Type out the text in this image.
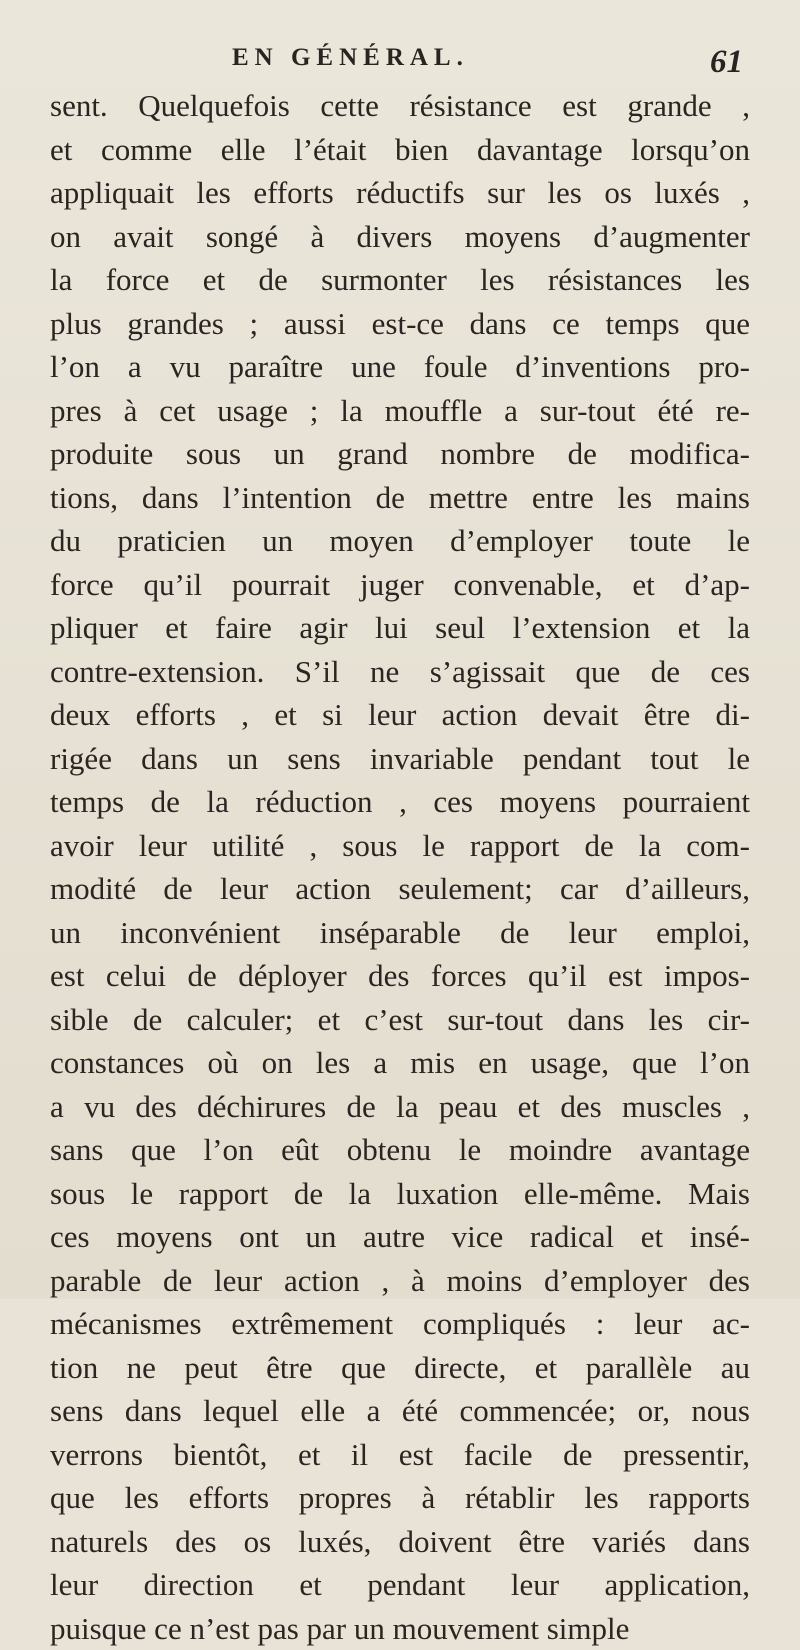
EN GÉNÉRAL.	61
sent. Quelquefois cette résistance est grande ,
et comme elle l’était bien davantage lorsqu’on
appliquait les efforts réductifs sur les os luxés ,
on avait songé à divers moyens d’augmenter
la force et de surmonter les résistances les
plus grandes ; aussi est-ce dans ce temps que
l’on a vu paraître une foule d’inventions pro-
pres à cet usage ; la mouffle a sur-tout été re-
produite sous un grand nombre de modifica-
tions, dans l’intention de mettre entre les mains
du praticien un moyen d’employer toute le
force qu’il pourrait juger convenable, et d’ap-
pliquer et faire agir lui seul l’extension et la
contre-extension. S’il ne s’agissait que de ces
deux efforts , et si leur action devait être di-
rigée dans un sens invariable pendant tout le
temps de la réduction , ces moyens pourraient
avoir leur utilité , sous le rapport de la com-
modité de leur action seulement; car d’ailleurs,
un inconvénient inséparable de leur emploi,
est celui de déployer des forces qu’il est impos-
sible de calculer; et c’est sur-tout dans les cir-
constances où on les a mis en usage, que l’on
a vu des déchirures de la peau et des muscles ,
sans que l’on eût obtenu le moindre avantage
sous le rapport de la luxation elle-même. Mais
ces moyens ont un autre vice radical et insé-
parable de leur action , à moins d’employer des
mécanismes extrêmement compliqués : leur ac-
tion ne peut être que directe, et parallèle au
sens dans lequel elle a été commencée; or, nous
verrons bientôt, et il est facile de pressentir,
que les efforts propres à rétablir les rapports
naturels des os luxés, doivent être variés dans
leur direction et pendant leur application,
puisque ce n’est pas par un mouvement simple
